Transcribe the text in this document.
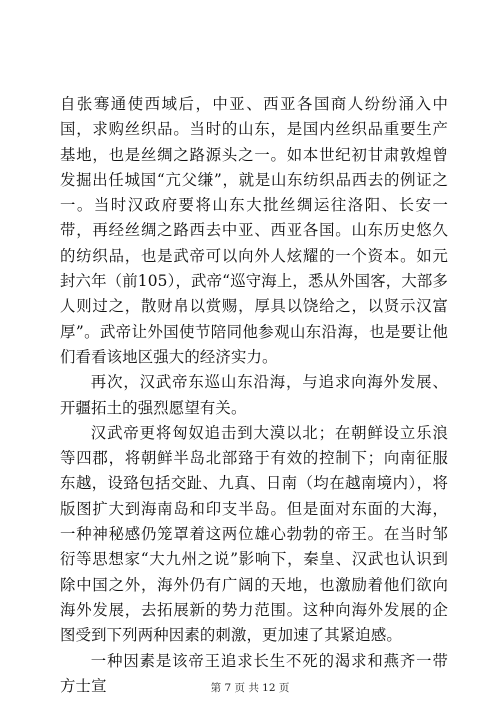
自张骞通使西域后，中亚、西亚各国商人纷纷涌入中国，求购丝织品。当时的山东，是国内丝织品重要生产基地，也是丝绸之路源头之一。如本世纪初甘肃敦煌曾发掘出任城国“亢父缣”，就是山东纺织品西去的例证之一。当时汉政府要将山东大批丝绸运往洛阳、长安一带，再经丝绸之路西去中亚、西亚各国。山东历史悠久的纺织品，也是武帝可以向外人炫耀的一个资本。如元封六年（前105），武帝“巡守海上，悉从外国客，大部多人则过之，散财帛以赏赐，厚具以饶给之，以贤示汉富厚”。武帝让外国使节陪同他参观山东沿海，也是要让他们看看该地区强大的经济实力。

再次，汉武帝东巡山东沿海，与追求向海外发展、开疆拓土的强烈愿望有关。

汉武帝更将匈奴追击到大漠以北；在朝鲜设立乐浪等四郡，将朝鲜半岛北部臵于有效的控制下；向南征服东越，设臵包括交趾、九真、日南（均在越南境内），将版图扩大到海南岛和印支半岛。但是面对东面的大海，一种神秘感仍笼罩着这两位雄心勃勃的帝王。在当时邹衍等思想家“大九州之说”影响下，秦皇、汉武也认识到除中国之外，海外仍有广阔的天地，也激励着他们欲向海外发展，去拓展新的势力范围。这种向海外发展的企图受到下列两种因素的刺激，更加速了其紧迫感。

一种因素是该帝王追求长生不死的渴求和燕齐一带方士宣	第 7 页 共 12 页
